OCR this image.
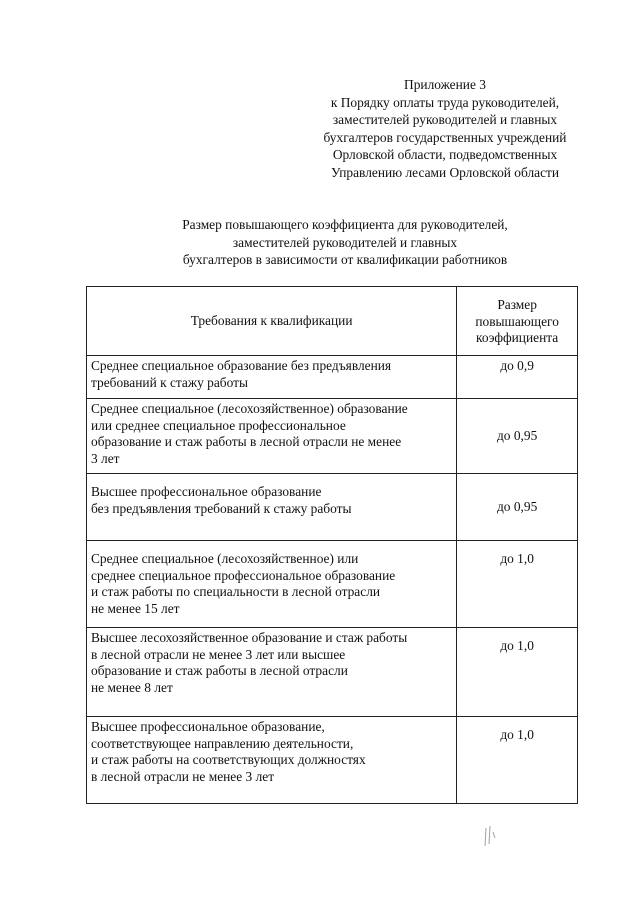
Приложение 3
к Порядку оплаты труда руководителей,
заместителей руководителей и главных
бухгалтеров государственных учреждений
Орловской области, подведомственных
Управлению лесами Орловской области
Размер повышающего коэффициента для руководителей,
заместителей руководителей и главных
бухгалтеров в зависимости от квалификации работников
Требования к квалификации	Размер
повышающего
коэффициента

Среднее специальное образование без предъявления
требований к стажу работы	до 0,9

Среднее специальное (лесохозяйственное) образование
или среднее специальное профессиональное
образование и стаж работы в лесной отрасли не менее
3 лет	до 0,95

Высшее профессиональное образование
без предъявления требований к стажу работы	до 0,95

Среднее специальное (лесохозяйственное) или
среднее специальное профессиональное образование
и стаж работы по специальности в лесной отрасли
не менее 15 лет	до 1,0

Высшее лесохозяйственное образование и стаж работы
в лесной отрасли не менее 3 лет или высшее
образование и стаж работы в лесной отрасли
не менее 8 лет	до 1,0

Высшее профессиональное образование,
соответствующее направлению деятельности,
и стаж работы на соответствующих должностях
в лесной отрасли не менее 3 лет	до 1,0
